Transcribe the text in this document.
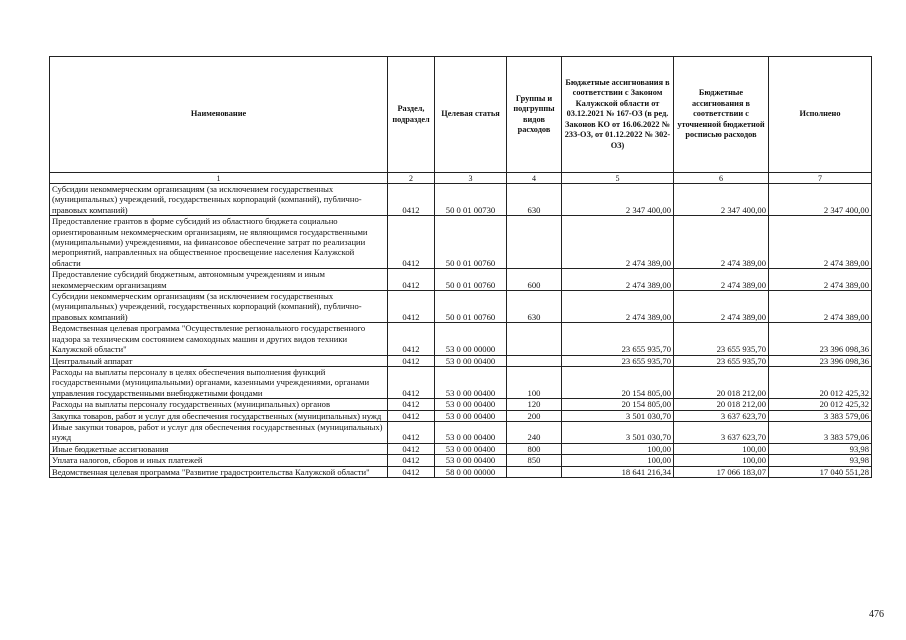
Наименование	Раздел, подраздел	Целевая статья	Группы и подгруппы видов расходов	Бюджетные ассигнования в соответствии с Законом Калужской области от 03.12.2021 № 167-ОЗ (в ред. Законов КО от 16.06.2022 № 233-ОЗ, от 01.12.2022 № 302-ОЗ)	Бюджетные ассигнования в соответствии с уточненной бюджетной росписью расходов	Исполнено
1	2	3	4	5	6	7
Субсидии некоммерческим организациям (за исключением государственных (муниципальных) учреждений, государственных корпораций (компаний), публично-правовых компаний)	0412	50 0 01 00730	630	2 347 400,00	2 347 400,00	2 347 400,00
Предоставление грантов в форме субсидий из областного бюджета социально ориентированным некоммерческим организациям, не являющимся государственными (муниципальными) учреждениями, на финансовое обеспечение затрат по реализации мероприятий, направленных на общественное просвещение населения Калужской области	0412	50 0 01 00760		2 474 389,00	2 474 389,00	2 474 389,00
Предоставление субсидий бюджетным, автономным учреждениям и иным некоммерческим организациям	0412	50 0 01 00760	600	2 474 389,00	2 474 389,00	2 474 389,00
Субсидии некоммерческим организациям (за исключением государственных (муниципальных) учреждений, государственных корпораций (компаний), публично-правовых компаний)	0412	50 0 01 00760	630	2 474 389,00	2 474 389,00	2 474 389,00
Ведомственная целевая программа "Осуществление регионального государственного надзора за техническим состоянием самоходных машин и других видов техники Калужской области"	0412	53 0 00 00000		23 655 935,70	23 655 935,70	23 396 098,36
Центральный аппарат	0412	53 0 00 00400		23 655 935,70	23 655 935,70	23 396 098,36
Расходы на выплаты персоналу в целях обеспечения выполнения функций государственными (муниципальными) органами, казенными учреждениями, органами управления государственными внебюджетными фондами	0412	53 0 00 00400	100	20 154 805,00	20 018 212,00	20 012 425,32
Расходы на выплаты персоналу государственных (муниципальных) органов	0412	53 0 00 00400	120	20 154 805,00	20 018 212,00	20 012 425,32
Закупка товаров, работ и услуг для обеспечения государственных (муниципальных) нужд	0412	53 0 00 00400	200	3 501 030,70	3 637 623,70	3 383 579,06
Иные закупки товаров, работ и услуг для обеспечения государственных (муниципальных) нужд	0412	53 0 00 00400	240	3 501 030,70	3 637 623,70	3 383 579,06
Иные бюджетные ассигнования	0412	53 0 00 00400	800	100,00	100,00	93,98
Уплата налогов, сборов и иных платежей	0412	53 0 00 00400	850	100,00	100,00	93,98
Ведомственная целевая программа "Развитие градостроительства Калужской области"	0412	58 0 00 00000		18 641 216,34	17 066 183,07	17 040 551,28
476
